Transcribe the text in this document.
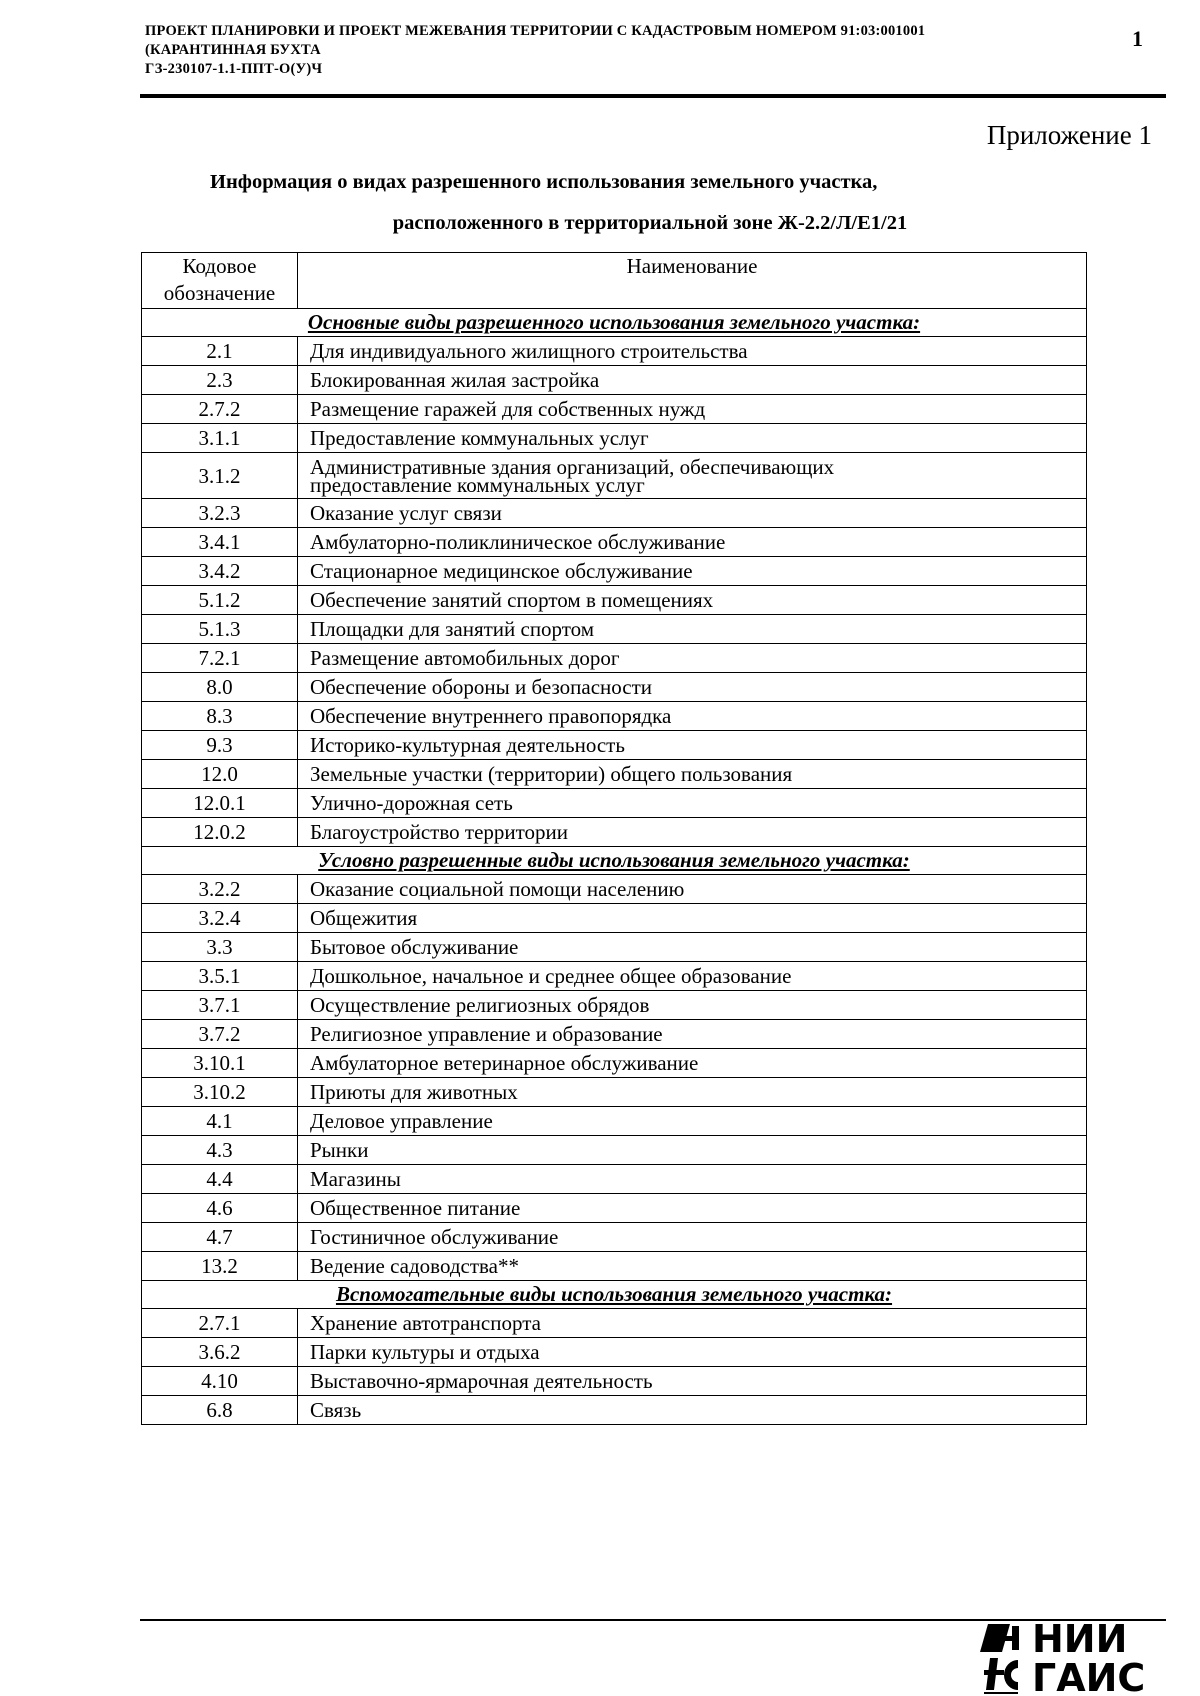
ПРОЕКТ ПЛАНИРОВКИ И ПРОЕКТ МЕЖЕВАНИЯ ТЕРРИТОРИИ С КАДАСТРОВЫМ НОМЕРОМ 91:03:001001
(КАРАНТИННАЯ БУХТА
ГЗ-230107-1.1-ППТ-О(У)Ч
1
Приложение 1
Информация о видах разрешенного использования земельного участка,
расположенного в территориальной зоне Ж-2.2/Л/Е1/21
Кодовое
обозначение	Наименование
Основные виды разрешенного использования земельного участка:	
2.1	Для индивидуального жилищного строительства
2.3	Блокированная жилая застройка
2.7.2	Размещение гаражей для собственных нужд
3.1.1	Предоставление коммунальных услуг
3.1.2	Административные здания организаций, обеспечивающих
предоставление коммунальных услуг

3.2.3	Оказание услуг связи
3.4.1	Амбулаторно-поликлиническое обслуживание
3.4.2	Стационарное медицинское обслуживание
5.1.2	Обеспечение занятий спортом в помещениях
5.1.3	Площадки для занятий спортом
7.2.1	Размещение автомобильных дорог
8.0	Обеспечение обороны и безопасности
8.3	Обеспечение внутреннего правопорядка
9.3	Историко-культурная деятельность
12.0	Земельные участки (территории) общего пользования
12.0.1	Улично-дорожная сеть
12.0.2	Благоустройство территории
Условно разрешенные виды использования земельного участка:	
3.2.2	Оказание социальной помощи населению
3.2.4	Общежития
3.3	Бытовое обслуживание
3.5.1	Дошкольное, начальное и среднее общее образование
3.7.1	Осуществление религиозных обрядов
3.7.2	Религиозное управление и образование
3.10.1	Амбулаторное ветеринарное обслуживание
3.10.2	Приюты для животных
4.1	Деловое управление
4.3	Рынки
4.4	Магазины
4.6	Общественное питание
4.7	Гостиничное обслуживание
13.2	Ведение садоводства**
Вспомогательные виды использования земельного участка:	
2.7.1	Хранение автотранспорта
3.6.2	Парки культуры и отдыха
4.10	Выставочно-ярмарочная деятельность
6.8	Связь
НИИ
ГАИС
